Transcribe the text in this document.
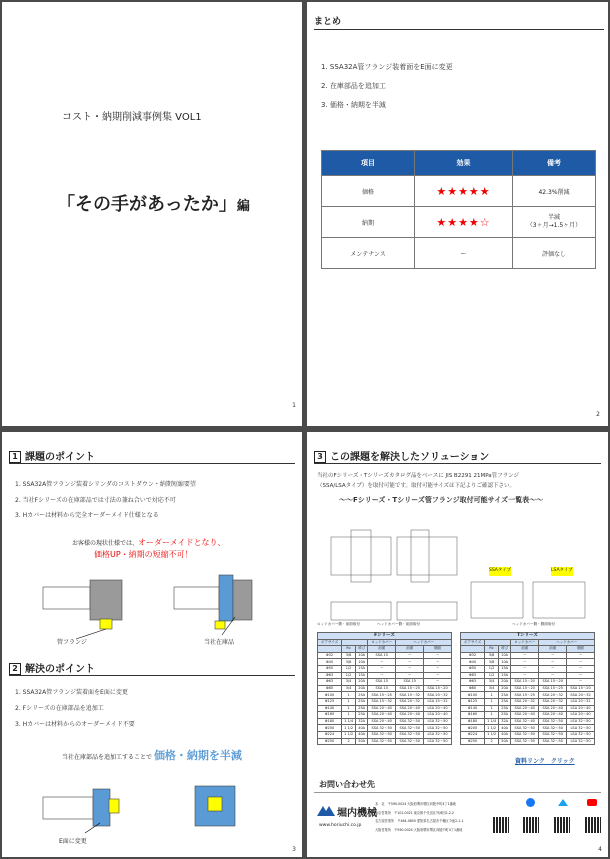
コスト・納期削減事例集 VOL1
「その手があったか」編
1
まとめ
1. SSA32A管フランジ装着面をE面に変更
2. 在庫部品を追加工
3. 価格・納期を半減
項目	効果	備考
価格	★★★★★	42.3%削減
納期	★★★★☆	半減
（3ヶ月→1.5ヶ月）
メンテナンス	ー	評価なし
2
1 課題のポイント
1. SSA32A管フランジ装着シリンダのコストダウン・納期短縮要望
2. 当社Fシリーズの在庫部品では寸法の兼ね合いで対応不可
3. Hカバーは材料から完全オーダーメイド仕様となる
お客様の現状仕様では、オーダーメイドとなり、
価格UP・納期の短縮不可！
管フランジ	当社在庫品
2 解決のポイント
1. SSA32A管フランジ装着面をE面に変更
2. Fシリーズの在庫部品を追加工
3. Hカバーは材料からのオーダーメイド不要
当社在庫部品を追加工することで 価格・納期を半減
E面に変更
3
3 この課題を解決したソリューション
当社のFシリーズ・Tシリーズカタログ品をベースに JIS B2291 21MPa管フランジ
（SSA/LSAタイプ）を取付可能です。取付可能サイズは下記よりご確認下さい。
～～Fシリーズ・Tシリーズ管フランジ取付可能サイズ一覧表～～
SSAタイプ	LSAタイプ
ロッドカバー側・前面取付	ヘッドカバー側・前面取付	ヘッドカバー側・側面取付
Fシリーズ					
ボアサイズ			ロッドカバー	ヘッドカバー	
	Rc	呼び	前面	前面	側面
Φ32	3/8	10A	SSA 15	ー	ー
Φ40	3/8	10A	ー	ー	ー
Φ50	1/2	15A	ー	ー	ー
Φ63	1/2	15A	ー	ー	ー
Φ63	3/4	20A	SSA 15	SSA 15	ー
Φ80	3/4	20A	SSA 15	SSA 15〜25	SSA 15〜20
Φ100	1	25A	SSA 15〜25	SSA 15〜32	SSA 20〜32
Φ125	1	25A	SSA 15〜32	SSA 20〜32	LSA 15〜32
Φ140	1	25A	SSA 20〜40	SSA 20〜40	LSA 20〜40
Φ160	1	25A	SSA 20〜40	SSA 20〜40	LSA 20〜40
Φ180	1 1/4	32A	SSA 20〜40	SSA 32〜50	LSA 32〜50
Φ200	1 1/2	40A	SSA 32〜50	SSA 32〜50	LSA 32〜50
Φ224	1 1/2	40A	SSA 32〜50	SSA 32〜50	LSA 32〜50
Φ250	2	50A	SSA 32〜50	SSA 32〜50	LSA 32〜50
Tシリーズ					
ボアサイズ			ロッドカバー	ヘッドカバー	
	Rc	呼び	前面	前面	側面
Φ32	3/8	10A	ー	ー	ー
Φ40	3/8	10A	ー	ー	ー
Φ50	1/2	15A	ー	ー	ー
Φ63	1/2	15A	ー	ー	ー
Φ63	3/4	20A	SSA 15〜20	SSA 15〜20	ー
Φ80	3/4	20A	SSA 15〜20	SSA 15〜25	SSA 15〜20
Φ100	1	25A	SSA 15〜25	SSA 20〜32	SSA 20〜32
Φ125	1	25A	SSA 20〜32	SSA 20〜32	LSA 20〜32
Φ140	1	25A	SSA 20〜40	SSA 20〜40	LSA 20〜40
Φ160	1	25A	SSA 20〜40	SSA 20〜40	LSA 20〜40
Φ180	1 1/4	32A	SSA 32〜40	SSA 32〜50	LSA 32〜50
Φ200	1 1/2	40A	SSA 32〜50	SSA 32〜50	LSA 32〜50
Φ224	1 1/2	40A	SSA 32〜50	SSA 32〜50	LSA 32〜50
Φ250	2	50A	SSA 32〜50	SSA 32〜50	LSA 32〜50
資料リンク　クリック
お問い合わせ先
堀内機械
www.horiuchi.co.jp
本　社　 〒590-0024 大阪府堺市堺区向陵中町4丁1番地
東京営業所　 〒101-0021 東京都千代田区外神田2-2-2
名古屋営業所　 〒464-0850 愛知県名古屋市千種区今池2-1-1
大阪営業所　 〒590-0024 大阪府堺市堺区向陵中町4丁1番地
4
